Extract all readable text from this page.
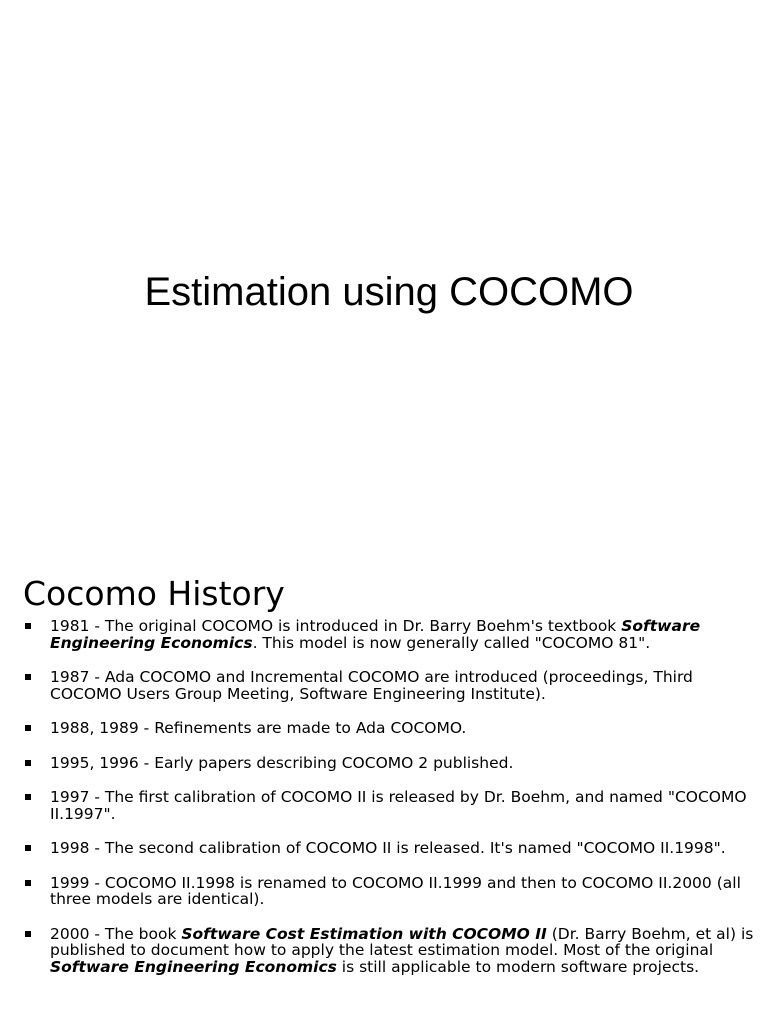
Estimation using COCOMO
Cocomo History
1981 - The original COCOMO is introduced in Dr. Barry Boehm's textbook Software Engineering Economics. This model is now generally called "COCOMO 81".
1987 - Ada COCOMO and Incremental COCOMO are introduced (proceedings, Third COCOMO Users Group Meeting, Software Engineering Institute).
1988, 1989 - Refinements are made to Ada COCOMO.
1995, 1996 - Early papers describing COCOMO 2 published.
1997 - The first calibration of COCOMO II is released by Dr. Boehm, and named "COCOMO II.1997".
1998 - The second calibration of COCOMO II is released. It's named "COCOMO II.1998".
1999 - COCOMO II.1998 is renamed to COCOMO II.1999 and then to COCOMO II.2000 (all three models are identical).
2000 - The book Software Cost Estimation with COCOMO II (Dr. Barry Boehm, et al) is published to document how to apply the latest estimation model. Most of the original Software Engineering Economics is still applicable to modern software projects.
